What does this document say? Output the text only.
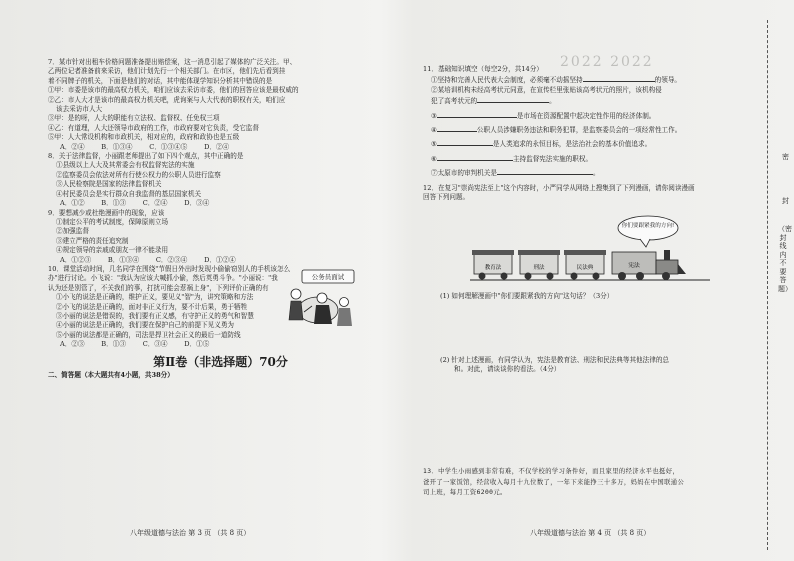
2022 2022

7．某市针对出租车价格问题准备提出赔偿案，这一消息引起了媒体的广泛关注。甲、

乙两位记者准备前来采访，他们计划先行一个相关部门。在市区，他们先后看到挂

着不同牌子的机关，下面是他们的对话，其中能体现学知识分析其中错误的是

①甲：市委是该市的最高权力机关，咱们应该去采访市委，他们的回答应该是最权威的

②乙：市人大才是该市的最高权力机关吧，虎询案与人大代表的职权有关，咱们应

该去采访市人大

③甲：是的呀，人大的职能有立法权、监督权、任免权三项

④乙：有道理，人大还领导市政府的工作，市政府要对它负责，受它监督

⑤甲：人大常设机构和市政机关，相对应的，政府和政协也是五级

A．②④        B．①③④        C．①③④⑤        D．②④

8．关于法律监督，小丽跟老师提出了如下四个观点，其中正确的是

①县级以上人大及其常委会有权监督宪法的实施

②监察委员会依法对所有行使公权力的公职人员进行监察

③人民检察院是国家的法律监督机关

④村民委员会是实行群众自我监督的基层国家机关

A．①②        B．①③        C．②④        D．③④

9．要想减少或杜绝漫画中的现象，应该

①制定公平的考试制度，保障原则立场

②加强监督

③建立严格的责任追究制

④规定领导的亲戚或朋友一律不能录用

A．①②③        B．①③④        C．②③④        D．①②④

10．课堂活动时间，几名同学在围绕"节假日外出时发现小偷偷窃别人的手机该怎么

办"进行讨论。小飞说："我认为应该大喊抓小偷，然后英勇斗争。"小丽说："我

认为还是别管了，不关我们的事，打扰可能会惹祸上身"，下列评价正确的有

①小飞的说法是正确的，维护正义，要见义"智"为，讲究策略和方法

②小飞的说法是正确的，面对非正义行为，要不计后果，勇于牺牲

③小丽的说法是错误的，我们要有正义感，有守护正义的勇气和智慧

④小丽的说法是正确的，我们要在保护自己的前提下见义勇为

⑤小丽的说法都是正确的，司法是捍卫社会正义的最后一道防线

A．②③        B．①③        C．③④        D．①⑤

第Ⅱ卷（非选择题）70分

二、简答题（本大题共有4小题，共38分）

公务员面试
八年级道德与法治 第 3 页 （共 8 页）

11．基础知识填空（每空2分，共14分）

①坚持和完善人民代表大会制度，必须毫不动摇坚持	的领导。

②某培训机构未经高考状元同意，在宣传栏里张贴该高考状元的照片，该机构侵

犯了高考状元的	。

③	是市场在资源配置中起决定性作用的经济体制。

④	公职人员涉嫌职务违法和职务犯罪，是监察委员会的一项经常性工作。

⑤	是人类追求的永恒目标，是法治社会的基本价值追求。

⑥	主持监督宪法实施的职权。

⑦太原市的审判机关是	。

12．在复习"崇尚宪法至上"这个内容时，小严同学从网络上搜集到了下列漫画，请你阅读漫画

回答下列问题。

你们要跟紧我的方向!
教育法	刑法	民法典	宪法

(1) 如何理解漫画中"你们要跟紧我的方向"这句话？（3分）

(2) 针对上述漫画，有同学认为，宪法是教育法、刑法和民法典等其他法律的总

和。对此，请谈谈你的看法。（4分）

13．中学生小雨感到非常有难，不仅学校的学习条件好，而且家里的经济水平也挺好，

爸开了一家饭馆，经营收入每月十九位数了，一年下来能挣三十多万，妈妈在中国联通公

司上班，每月工资6200元。

八年级道德与法治 第 4 页 （共 8 页）
密
封
（密封线内不要答题）
